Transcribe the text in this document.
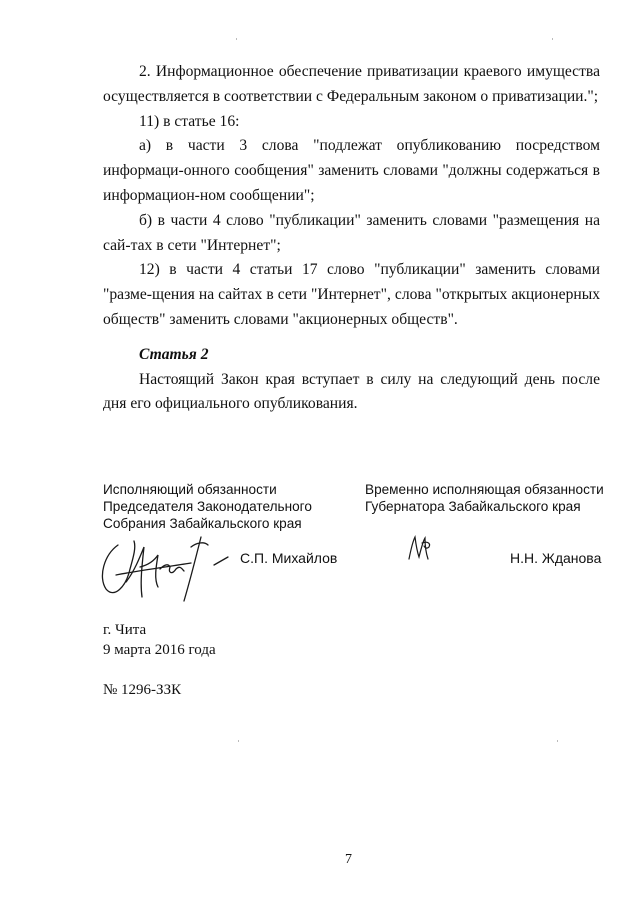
2. Информационное обеспечение приватизации краевого имущества осуществляется в соответствии с Федеральным законом о приватизации.";

11) в статье 16:

а) в части 3 слова "подлежат опубликованию посредством информаци-онного сообщения" заменить словами "должны содержаться в информацион-ном сообщении";

б) в части 4 слово "публикации" заменить словами "размещения на сай-тах в сети "Интернет";

12) в части 4 статьи 17 слово "публикации" заменить словами "разме-щения на сайтах в сети "Интернет", слова "открытых акционерных обществ" заменить словами "акционерных обществ".

Статья 2

Настоящий Закон края вступает в силу на следующий день после дня его официального опубликования.

Исполняющий обязанности
Председателя Законодательного
Собрания Забайкальского края
С.П. Михайлов
Временно исполняющая обязанности
Губернатора Забайкальского края
Н.Н. Жданова
г. Чита
9 марта 2016 года
№ 1296-ЗЗК
7
